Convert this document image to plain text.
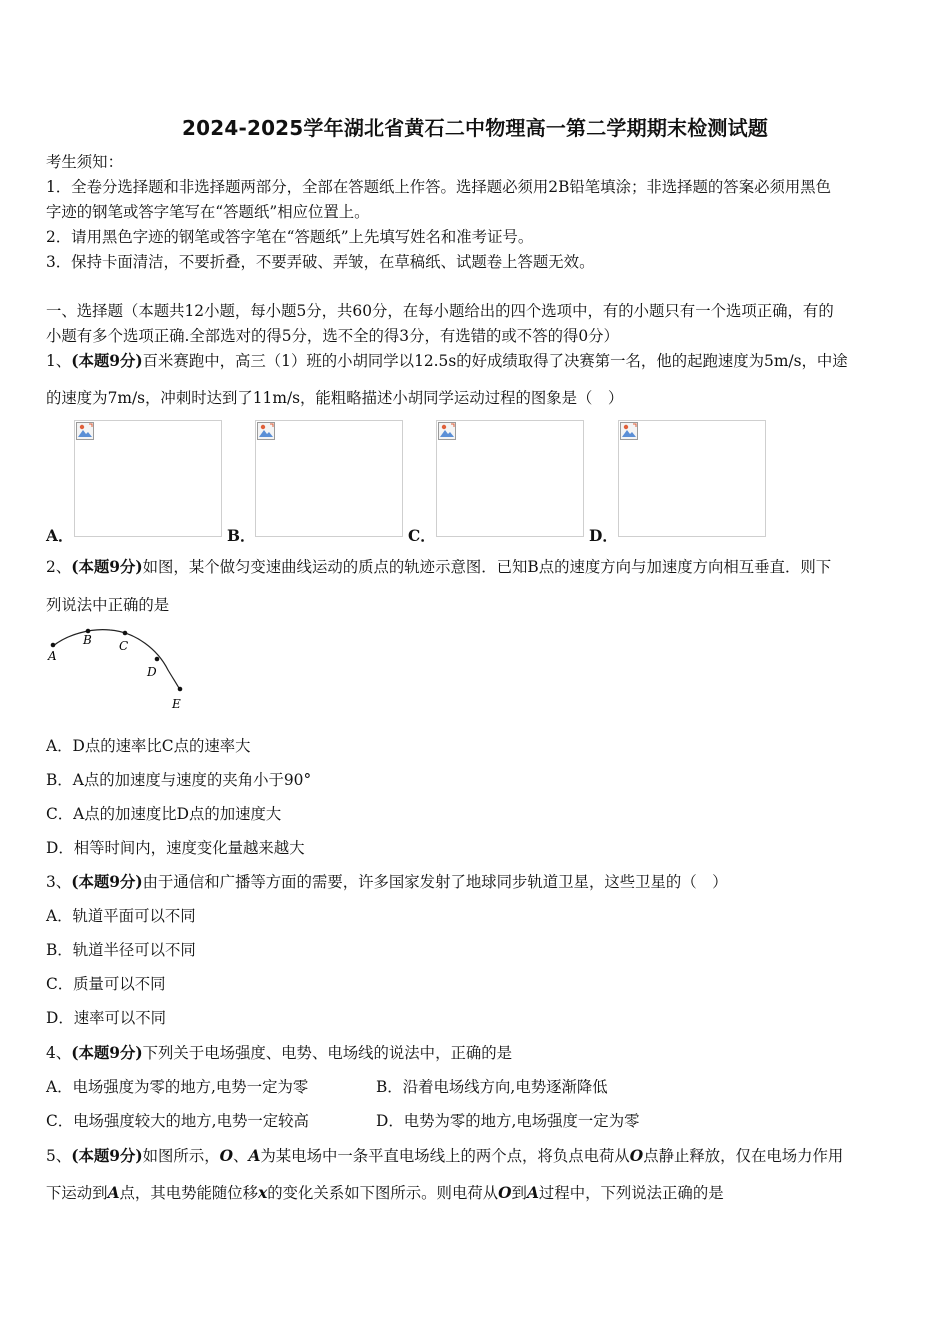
2024-2025学年湖北省黄石二中物理高一第二学期期末检测试题
考生须知：
1．全卷分选择题和非选择题两部分，全部在答题纸上作答。选择题必须用2B铅笔填涂；非选择题的答案必须用黑色
字迹的钢笔或答字笔写在“答题纸”相应位置上。
2．请用黑色字迹的钢笔或答字笔在“答题纸”上先填写姓名和准考证号。
3．保持卡面清洁，不要折叠，不要弄破、弄皱，在草稿纸、试题卷上答题无效。
一、选择题（本题共12小题，每小题5分，共60分，在每小题给出的四个选项中，有的小题只有一个选项正确，有的
小题有多个选项正确.全部选对的得5分，选不全的得3分，有选错的或不答的得0分）
1、(本题9分)百米赛跑中，高三（1）班的小胡同学以12.5s的好成绩取得了决赛第一名，他的起跑速度为5m/s，中途
的速度为7m/s，冲刺时达到了11m/s，能粗略描述小胡同学运动过程的图象是（　）
A．	B．	C．	D．
2、(本题9分)如图，某个做匀变速曲线运动的质点的轨迹示意图．已知B点的速度方向与加速度方向相互垂直．则下
列说法中正确的是
A
B C
D
E
A．D点的速率比C点的速率大
B．A点的加速度与速度的夹角小于90°
C．A点的加速度比D点的加速度大
D．相等时间内，速度变化量越来越大
3、(本题9分)由于通信和广播等方面的需要，许多国家发射了地球同步轨道卫星，这些卫星的（　）
A．轨道平面可以不同
B．轨道半径可以不同
C．质量可以不同
D．速率可以不同
4、(本题9分)下列关于电场强度、电势、电场线的说法中，正确的是
A．电场强度为零的地方,电势一定为零	B．沿着电场线方向,电势逐渐降低
C．电场强度较大的地方,电势一定较高	D．电势为零的地方,电场强度一定为零
5、(本题9分)如图所示，O、A为某电场中一条平直电场线上的两个点，将负点电荷从O点静止释放，仅在电场力作用
下运动到A点，其电势能随位移x的变化关系如下图所示。则电荷从O到A过程中，下列说法正确的是
